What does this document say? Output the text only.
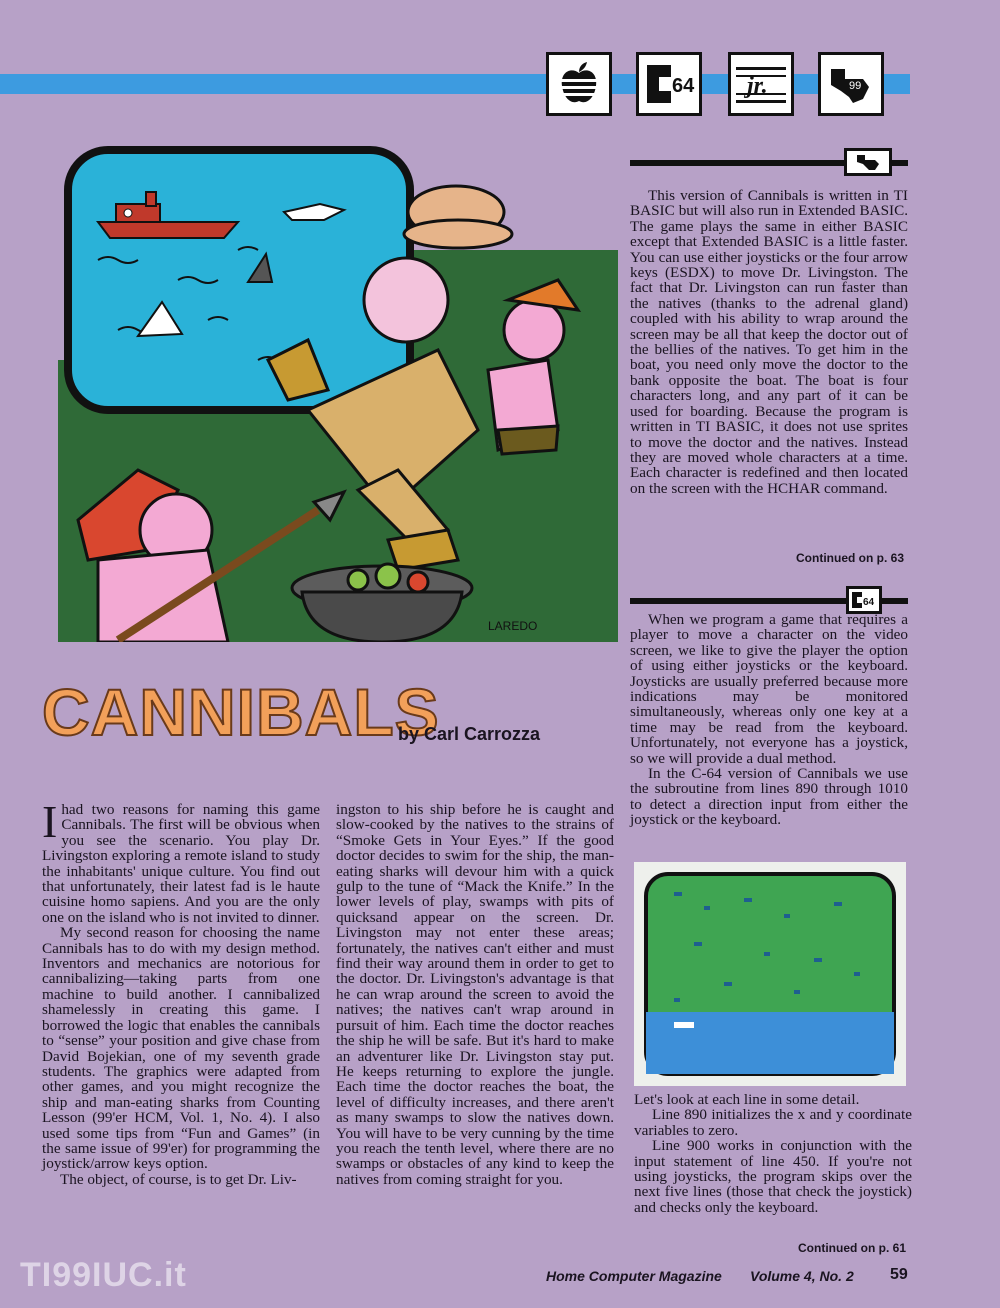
64 jr.	99
LAREDO
CANNIBALS
by Carl Carrozza

Ihad two reasons for naming this game Cannibals. The first will be obvious when you see the scenario. You play Dr. Livingston exploring a remote island to study the inhabitants' unique culture. You find out that unfortunately, their latest fad is le haute cuisine homo sapiens. And you are the only one on the island who is not invited to dinner.

My second reason for choosing the name Cannibals has to do with my design method. Inventors and mechanics are notorious for cannibalizing—taking parts from one machine to build another. I cannibalized shamelessly in creating this game. I borrowed the logic that enables the cannibals to “sense” your position and give chase from David Bojekian, one of my seventh grade students. The graphics were adapted from other games, and you might recognize the ship and man-eating sharks from Counting Lesson (99'er HCM, Vol. 1, No. 4). I also used some tips from “Fun and Games” (in the same issue of 99'er) for programming the joystick/arrow keys option.

The object, of course, is to get Dr. Liv-

ingston to his ship before he is caught and slow-cooked by the natives to the strains of “Smoke Gets in Your Eyes.” If the good doctor decides to swim for the ship, the man-eating sharks will devour him with a quick gulp to the tune of “Mack the Knife.” In the lower levels of play, swamps with pits of quicksand appear on the screen. Dr. Livingston may not enter these areas; fortunately, the natives can't either and must find their way around them in order to get to the doctor. Dr. Livingston's advantage is that he can wrap around the screen to avoid the natives; the natives can't wrap around in pursuit of him. Each time the doctor reaches the ship he will be safe. But it's hard to make an adventurer like Dr. Livingston stay put. He keeps returning to explore the jungle. Each time the doctor reaches the boat, the level of difficulty increases, and there aren't as many swamps to slow the natives down. You will have to be very cunning by the time you reach the tenth level, where there are no swamps or obstacles of any kind to keep the natives from coming straight for you.

This version of Cannibals is written in TI BASIC but will also run in Extended BASIC. The game plays the same in either BASIC except that Extended BASIC is a little faster. You can use either joysticks or the four arrow keys (ESDX) to move Dr. Livingston. The fact that Dr. Livingston can run faster than the natives (thanks to the adrenal gland) coupled with his ability to wrap around the screen may be all that keep the doctor out of the bellies of the natives. To get him in the boat, you need only move the doctor to the bank opposite the boat. The boat is four characters long, and any part of it can be used for boarding. Because the program is written in TI BASIC, it does not use sprites to move the doctor and the natives. Instead they are moved whole characters at a time. Each character is redefined and then located on the screen with the HCHAR command.

Continued on p. 63
64

When we program a game that requires a player to move a character on the video screen, we like to give the player the option of using either joysticks or the keyboard. Joysticks are usually preferred because more indications may be monitored simultaneously, whereas only one key at a time may be read from the keyboard. Unfortunately, not everyone has a joystick, so we will provide a dual method.

In the C-64 version of Cannibals we use the subroutine from lines 890 through 1010 to detect a direction input from either the joystick or the keyboard.

Let's look at each line in some detail.

Line 890 initializes the x and y coordinate variables to zero.

Line 900 works in conjunction with the input statement of line 450. If you're not using joysticks, the program skips over the next five lines (those that check the joystick) and checks only the keyboard.

Continued on p. 61
Home Computer Magazine Volume 4, No. 2 59
TI99IUC.it
